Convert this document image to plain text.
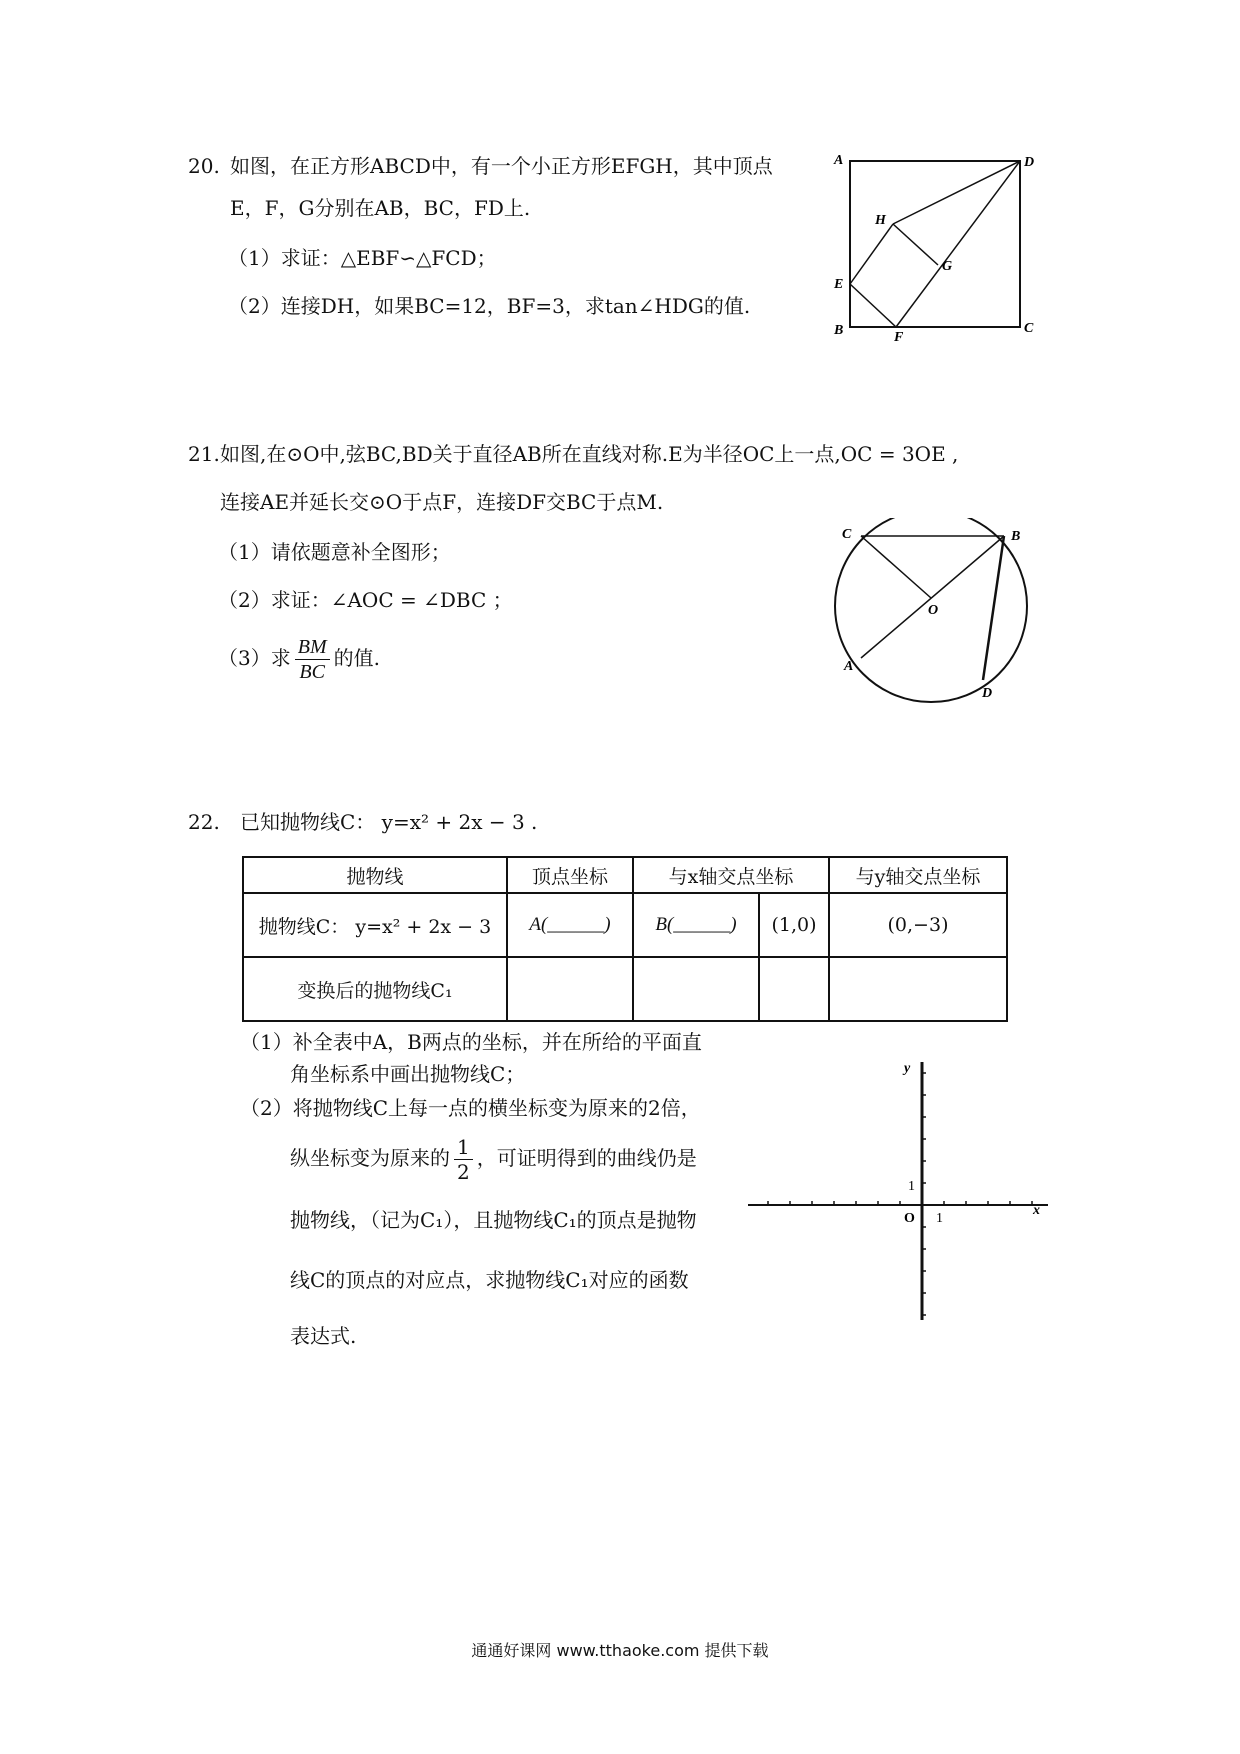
20. 如图，在正方形ABCD中，有一个小正方形EFGH，其中顶点
E，F，G分别在AB，BC，FD上.
（1）求证：△EBF∽△FCD；
（2）连接DH，如果BC=12，BF=3，求tan∠HDG的值.
A	D
H
G
E
B	F
C
21. 如图,在⊙O中,弦BC,BD关于直径AB所在直线对称.E为半径OC上一点,OC = 3OE ,
连接AE并延长交⊙O于点F，连接DF交BC于点M.
（1）请依题意补全图形；
（2）求证：∠AOC = ∠DBC ；
（3）求 $\frac{BM}{BC}$ 的值.
C	B
O
A
D
22. 已知抛物线C： y=x² + 2x − 3 .
抛物线	顶点坐标	与x轴交点坐标		与y轴交点坐标
抛物线C： y=x² + 2x − 3	A(______)	B(______)	(1,0)	(0,−3)
变换后的抛物线C₁				
（1）补全表中A，B两点的坐标，并在所给的平面直
角坐标系中画出抛物线C；
（2）将抛物线C上每一点的横坐标变为原来的2倍，
纵坐标变为原来的 $\frac{1}{2}$ ，可证明得到的曲线仍是
抛物线，（记为C₁），且抛物线C₁的顶点是抛物
线C的顶点的对应点，求抛物线C₁对应的函数
表达式.
y
x
O
1
1
通通好课网 www.tthaoke.com 提供下载
